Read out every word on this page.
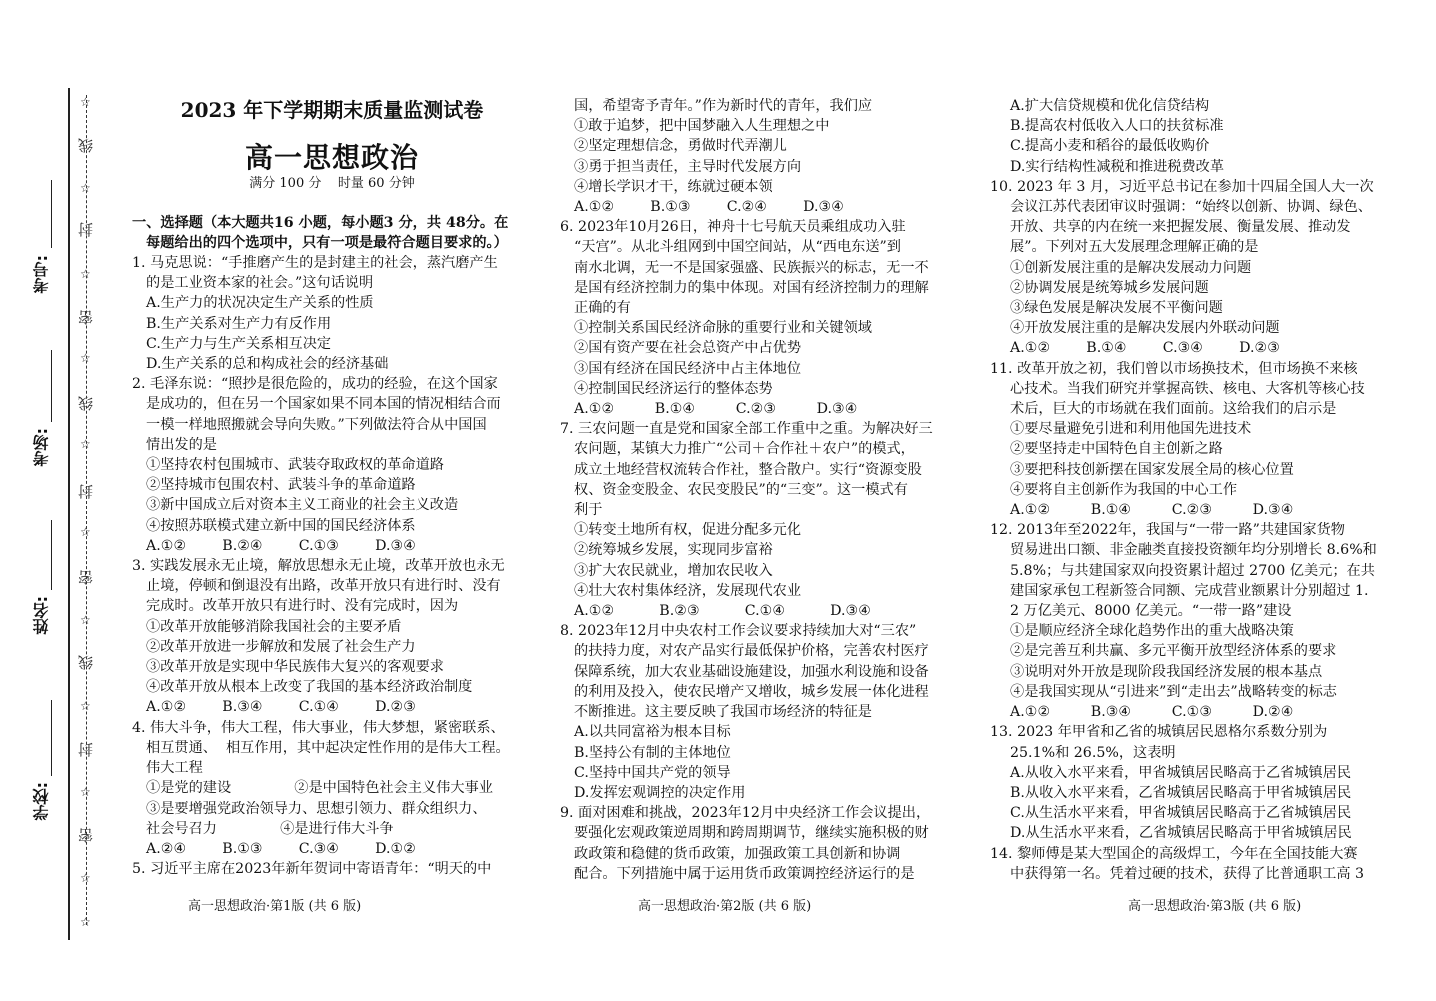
☆
线
☆
封
☆
密
☆
线
☆
封
☆
密
☆
线
☆
封
☆
密
☆
☆
考号:
考场:
姓名:
学校:

2023 年下学期期末质量监测试卷

高一思想政治

满分 100 分    时量 60 分钟

一、选择题（本大题共16 小题，每小题3 分，共 48分。在

每题给出的四个选项中，只有一项是最符合题目要求的。）

1. 马克思说：“手推磨产生的是封建主的社会，蒸汽磨产生

的是工业资本家的社会。”这句话说明

A.生产力的状况决定生产关系的性质

B.生产关系对生产力有反作用

C.生产力与生产关系相互决定

D.生产关系的总和构成社会的经济基础

2. 毛泽东说：“照抄是很危险的，成功的经验，在这个国家

是成功的，但在另一个国家如果不同本国的情况相结合而

一模一样地照搬就会导向失败。”下列做法符合从中国国

情出发的是

①坚持农村包围城市、武装夺取政权的革命道路

②坚持城市包围农村、武装斗争的革命道路

③新中国成立后对资本主义工商业的社会主义改造

④按照苏联模式建立新中国的国民经济体系

A.①②        B.②④        C.①③        D.③④

3. 实践发展永无止境，解放思想永无止境，改革开放也永无

止境，停顿和倒退没有出路，改革开放只有进行时、没有

完成时。改革开放只有进行时、没有完成时，因为

①改革开放能够消除我国社会的主要矛盾

②改革开放进一步解放和发展了社会生产力

③改革开放是实现中华民族伟大复兴的客观要求

④改革开放从根本上改变了我国的基本经济政治制度

A.①②        B.③④        C.①④        D.②③

4. 伟大斗争，伟大工程，伟大事业，伟大梦想，紧密联系、

相互贯通、  相互作用，其中起决定性作用的是伟大工程。

伟大工程

①是党的建设              ②是中国特色社会主义伟大事业

③是要增强党政治领导力、思想引领力、群众组织力、

社会号召力              ④是进行伟大斗争

A.②④        B.①③        C.③④        D.①②

5. 习近平主席在2023年新年贺词中寄语青年：“明天的中

高一思想政治·第1版 (共 6 版)

国，希望寄予青年。”作为新时代的青年，我们应

①敢于追梦，把中国梦融入人生理想之中

②坚定理想信念，勇做时代弄潮儿

③勇于担当责任，主导时代发展方向

④增长学识才干，练就过硬本领

A.①②        B.①③        C.②④        D.③④

6. 2023年10月26日，神舟十七号航天员乘组成功入驻

“天宫”。从北斗组网到中国空间站，从“西电东送”到

南水北调，无一不是国家强盛、民族振兴的标志，无一不

是国有经济控制力的集中体现。对国有经济控制力的理解

正确的有

①控制关系国民经济命脉的重要行业和关键领域

②国有资产要在社会总资产中占优势

③国有经济在国民经济中占主体地位

④控制国民经济运行的整体态势

A.①②         B.①④         C.②③         D.③④

7. 三农问题一直是党和国家全部工作重中之重。为解决好三

农问题，某镇大力推广“公司＋合作社＋农户”的模式，

成立土地经营权流转合作社，整合散户。实行“资源变股

权、资金变股金、农民变股民”的“三变”。这一模式有

利于

①转变土地所有权，促进分配多元化

②统筹城乡发展，实现同步富裕

③扩大农民就业，增加农民收入

④壮大农村集体经济，发展现代农业

A.①②          B.②③          C.①④          D.③④

8. 2023年12月中央农村工作会议要求持续加大对“三农”

的扶持力度，对农产品实行最低保护价格，完善农村医疗

保障系统，加大农业基础设施建设，加强水利设施和设备

的利用及投入，使农民增产又增收，城乡发展一体化进程

不断推进。这主要反映了我国市场经济的特征是

A.以共同富裕为根本目标

B.坚持公有制的主体地位

C.坚持中国共产党的领导

D.发挥宏观调控的决定作用

9. 面对困难和挑战，2023年12月中央经济工作会议提出，

要强化宏观政策逆周期和跨周期调节，继续实施积极的财

政政策和稳健的货币政策，加强政策工具创新和协调

配合。下列措施中属于运用货币政策调控经济运行的是

高一思想政治·第2版 (共 6 版)

A.扩大信贷规模和优化信贷结构

B.提高农村低收入人口的扶贫标准

C.提高小麦和稻谷的最低收购价

D.实行结构性减税和推进税费改革

10. 2023 年 3 月，习近平总书记在参加十四届全国人大一次

会议江苏代表团审议时强调：“始终以创新、协调、绿色、

开放、共享的内在统一来把握发展、衡量发展、推动发

展”。下列对五大发展理念理解正确的是

①创新发展注重的是解决发展动力问题

②协调发展是统筹城乡发展问题

③绿色发展是解决发展不平衡问题

④开放发展注重的是解决发展内外联动问题

A.①②        B.①④        C.③④        D.②③

11. 改革开放之初，我们曾以市场换技术，但市场换不来核

心技术。当我们研究并掌握高铁、核电、大客机等核心技

术后，巨大的市场就在我们面前。这给我们的启示是

①要尽量避免引进和利用他国先进技术

②要坚持走中国特色自主创新之路

③要把科技创新摆在国家发展全局的核心位置

④要将自主创新作为我国的中心工作

A.①②         B.①④         C.②③         D.③④

12. 2013年至2022年，我国与“一带一路”共建国家货物

贸易进出口额、非金融类直接投资额年均分别增长 8.6%和

5.8%；与共建国家双向投资累计超过 2700 亿美元；在共

建国家承包工程新签合同额、完成营业额累计分别超过 1.

2 万亿美元、8000 亿美元。“一带一路”建设

①是顺应经济全球化趋势作出的重大战略决策

②是完善互利共赢、多元平衡开放型经济体系的要求

③说明对外开放是现阶段我国经济发展的根本基点

④是我国实现从“引进来”到“走出去”战略转变的标志

A.①②         B.③④         C.①③         D.②④

13. 2023 年甲省和乙省的城镇居民恩格尔系数分别为

25.1%和 26.5%，这表明

A.从收入水平来看，甲省城镇居民略高于乙省城镇居民

B.从收入水平来看，乙省城镇居民略高于甲省城镇居民

C.从生活水平来看，甲省城镇居民略高于乙省城镇居民

D.从生活水平来看，乙省城镇居民略高于甲省城镇居民

14. 黎师傅是某大型国企的高级焊工，今年在全国技能大赛

中获得第一名。凭着过硬的技术，获得了比普通职工高 3

高一思想政治·第3版 (共 6 版)
